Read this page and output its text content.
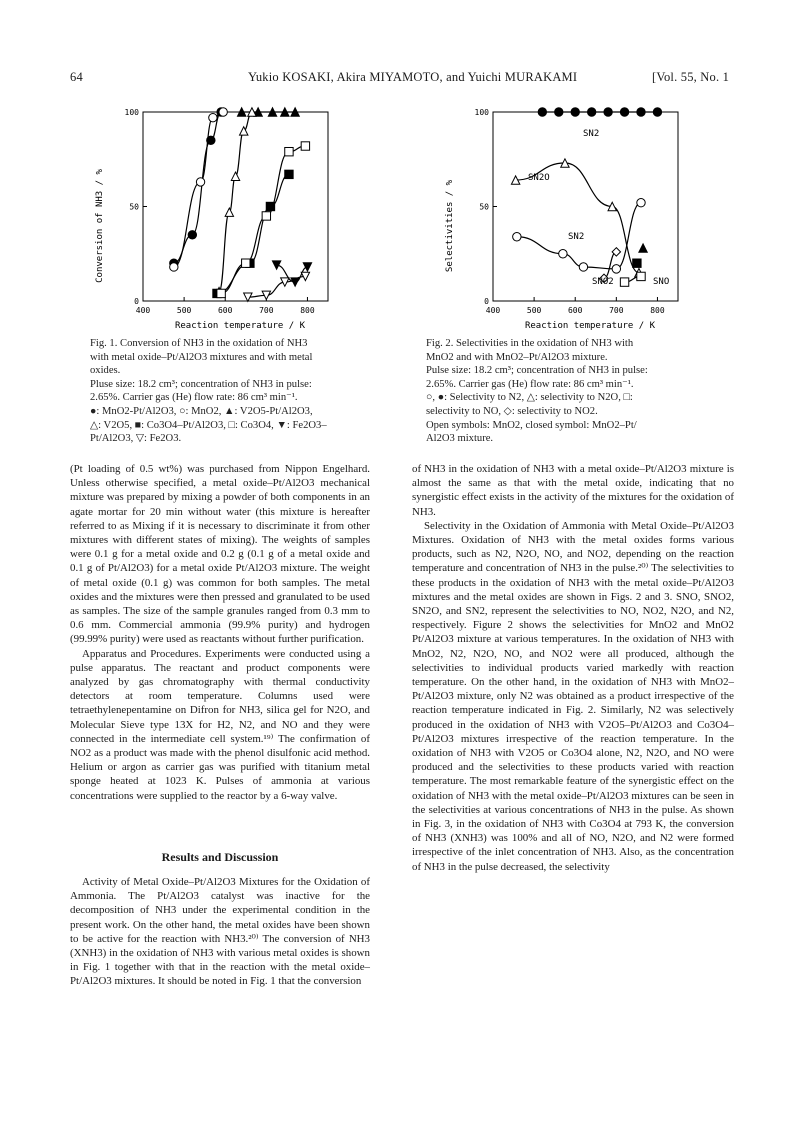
64	Yukio KOSAKI, Akira MIYAMOTO, and Yuichi MURAKAMI	[Vol. 55, No. 1
Conversion of NH3 / %
400	500	600	700	800
0
50
100
Reaction temperature / K
Fig. 1. Conversion of NH3 in the oxidation of NH3
with metal oxide–Pt/Al2O3 mixtures and with metal
oxides.
Pluse size: 18.2 cm³; concentration of NH3 in pulse:
2.65%. Carrier gas (He) flow rate: 86 cm³ min⁻¹.
●: MnO2-Pt/Al2O3, ○: MnO2, ▲: V2O5-Pt/Al2O3,
△: V2O5, ■: Co3O4–Pt/Al2O3, □: Co3O4, ▼: Fe2O3–
Pt/Al2O3, ▽: Fe2O3.
Selectivities / %
400	500	600	700	800
0
50
100
SN2
SN2O
SN2
SNO2	SNO
Reaction temperature / K
Fig. 2. Selectivities in the oxidation of NH3 with
MnO2 and with MnO2–Pt/Al2O3 mixture.
Pulse size: 18.2 cm³; concentration of NH3 in pulse:
2.65%. Carrier gas (He) flow rate: 86 cm³ min⁻¹.
○, ●: Selectivity to N2, △: selectivity to N2O, □:
selectivity to NO, ◇: selectivity to NO2.
Open symbols: MnO2, closed symbol: MnO2–Pt/
Al2O3 mixture.

(Pt loading of 0.5 wt%) was purchased from Nippon Engelhard. Unless otherwise specified, a metal oxide–Pt/Al2O3 mechanical mixture was prepared by mixing a powder of both components in an agate mortar for 20 min without water (this mixture is hereafter referred to as Mixing if it is necessary to discriminate it from other mixtures with different states of mixing). The weights of samples were 0.1 g for a metal oxide and 0.2 g (0.1 g of a metal oxide and 0.1 g of Pt/Al2O3) for a metal oxide Pt/Al2O3 mixture. The weight of metal oxide (0.1 g) was common for both samples. The metal oxides and the mixtures were then pressed and granulated to be used as samples. The size of the sample granules ranged from 0.3 mm to 0.6 mm. Commercial ammonia (99.9% purity) and hydrogen (99.99% purity) were used as reactants without further purification.

Apparatus and Procedures. Experiments were conducted using a pulse apparatus. The reactant and product components were analyzed by gas chromatography with thermal conductivity detectors at room temperature. Columns used were tetraethylenepentamine on Difron for NH3, silica gel for N2O, and Molecular Sieve type 13X for H2, N2, and NO and they were connected in the intermediate cell system.¹⁹⁾ The confirmation of NO2 as a product was made with the phenol disulfonic acid method. Helium or argon as carrier gas was purified with titanium metal sponge heated at 1023 K. Pulses of ammonia at various concentrations were supplied to the reactor by a 6-way valve.

Results and Discussion

Activity of Metal Oxide–Pt/Al2O3 Mixtures for the Oxidation of Ammonia. The Pt/Al2O3 catalyst was inactive for the decomposition of NH3 under the experimental condition in the present work. On the other hand, the metal oxides have been shown to be active for the reaction with NH3.²⁰⁾ The conversion of NH3 (XNH3) in the oxidation of NH3 with various metal oxides is shown in Fig. 1 together with that in the reaction with the metal oxide–Pt/Al2O3 mixtures. It should be noted in Fig. 1 that the conversion

of NH3 in the oxidation of NH3 with a metal oxide–Pt/Al2O3 mixture is almost the same as that with the metal oxide, indicating that no synergistic effect exists in the activity of the mixtures for the oxidation of NH3.

Selectivity in the Oxidation of Ammonia with Metal Oxide–Pt/Al2O3 Mixtures. Oxidation of NH3 with the metal oxides forms various products, such as N2, N2O, NO, and NO2, depending on the reaction temperature and concentration of NH3 in the pulse.²⁰⁾ The selectivities to these products in the oxidation of NH3 with the metal oxide–Pt/Al2O3 mixtures and the metal oxides are shown in Figs. 2 and 3. SNO, SNO2, SN2O, and SN2, represent the selectivities to NO, NO2, N2O, and N2, respectively. Figure 2 shows the selectivities for MnO2 and MnO2 Pt/Al2O3 mixture at various temperatures. In the oxidation of NH3 with MnO2, N2, N2O, NO, and NO2 were all produced, although the selectivities to individual products varied markedly with reaction temperature. On the other hand, in the oxidation of NH3 with MnO2–Pt/Al2O3 mixture, only N2 was obtained as a product irrespective of the reaction temperature indicated in Fig. 2. Similarly, N2 was selectively produced in the oxidation of NH3 with V2O5–Pt/Al2O3 and Co3O4–Pt/Al2O3 mixtures irrespective of the reaction temperature. In the oxidation of NH3 with V2O5 or Co3O4 alone, N2, N2O, and NO were produced and the selectivities to these products varied with reaction temperature. The most remarkable feature of the synergistic effect on the oxidation of NH3 with the metal oxide–Pt/Al2O3 mixtures can be seen in the selectivities at various concentrations of NH3 in the pulse. As shown in Fig. 3, in the oxidation of NH3 with Co3O4 at 793 K, the conversion of NH3 (XNH3) was 100% and all of NO, N2O, and N2 were formed irrespective of the inlet concentration of NH3. Also, as the concentration of NH3 in the pulse decreased, the selectivity
